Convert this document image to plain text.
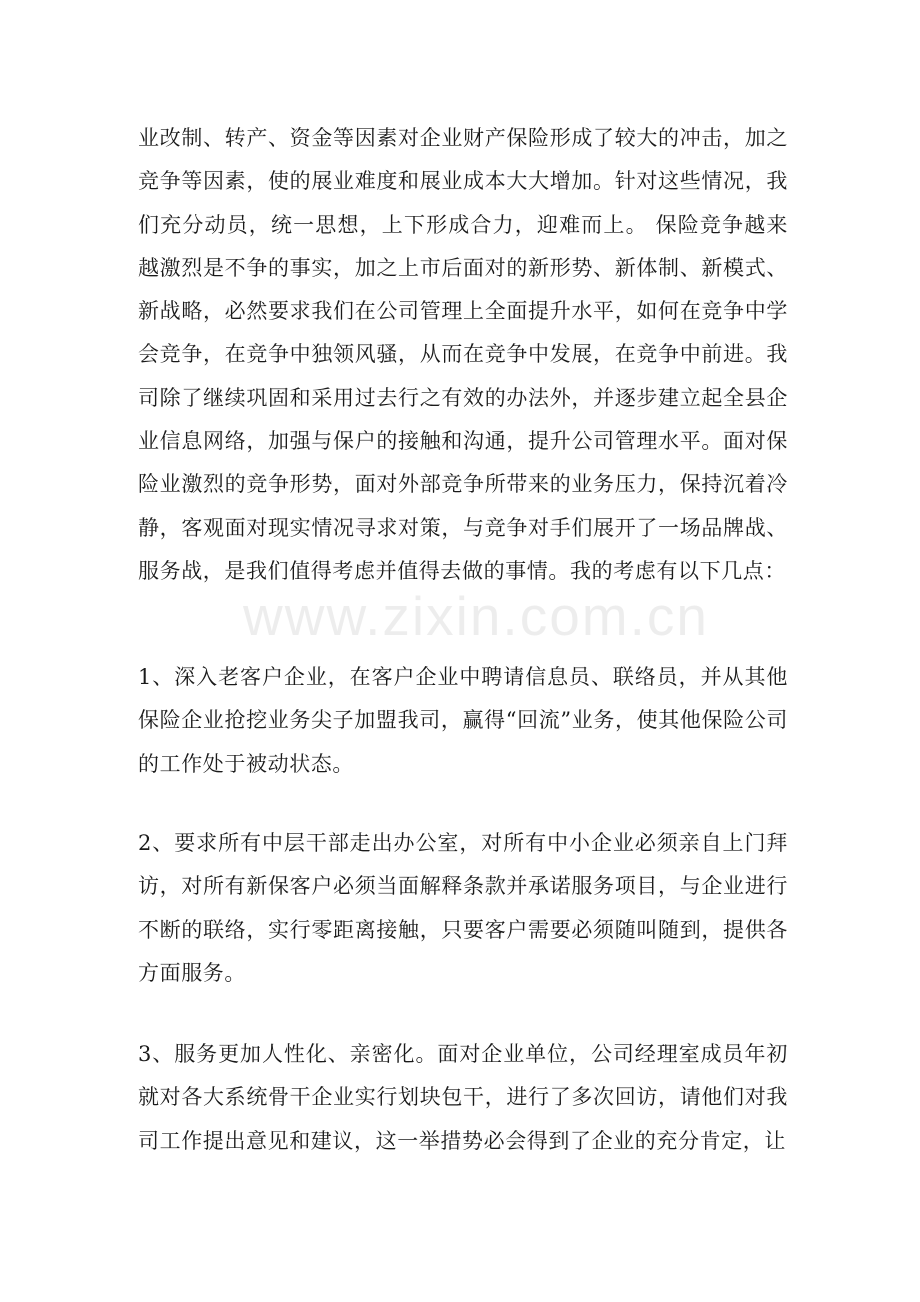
业改制、转产、资金等因素对企业财产保险形成了较大的冲击，加之竞争等因素，使的展业难度和展业成本大大增加。针对这些情况，我们充分动员，统一思想，上下形成合力，迎难而上。 保险竞争越来越激烈是不争的事实，加之上市后面对的新形势、新体制、新模式、新战略，必然要求我们在公司管理上全面提升水平，如何在竞争中学会竞争，在竞争中独领风骚，从而在竞争中发展，在竞争中前进。我司除了继续巩固和采用过去行之有效的办法外，并逐步建立起全县企业信息网络，加强与保户的接触和沟通，提升公司管理水平。面对保险业激烈的竞争形势，面对外部竞争所带来的业务压力，保持沉着冷静，客观面对现实情况寻求对策，与竞争对手们展开了一场品牌战、服务战，是我们值得考虑并值得去做的事情。我的考虑有以下几点：

1、深入老客户企业，在客户企业中聘请信息员、联络员，并从其他保险企业抢挖业务尖子加盟我司，赢得“回流”业务，使其他保险公司的工作处于被动状态。

2、要求所有中层干部走出办公室，对所有中小企业必须亲自上门拜访，对所有新保客户必须当面解释条款并承诺服务项目，与企业进行不断的联络，实行零距离接触，只要客户需要必须随叫随到，提供各方面服务。

3、服务更加人性化、亲密化。面对企业单位，公司经理室成员年初就对各大系统骨干企业实行划块包干，进行了多次回访，请他们对我司工作提出意见和建议，这一举措势必会得到了企业的充分肯定，让

www.zixin.com.cn
